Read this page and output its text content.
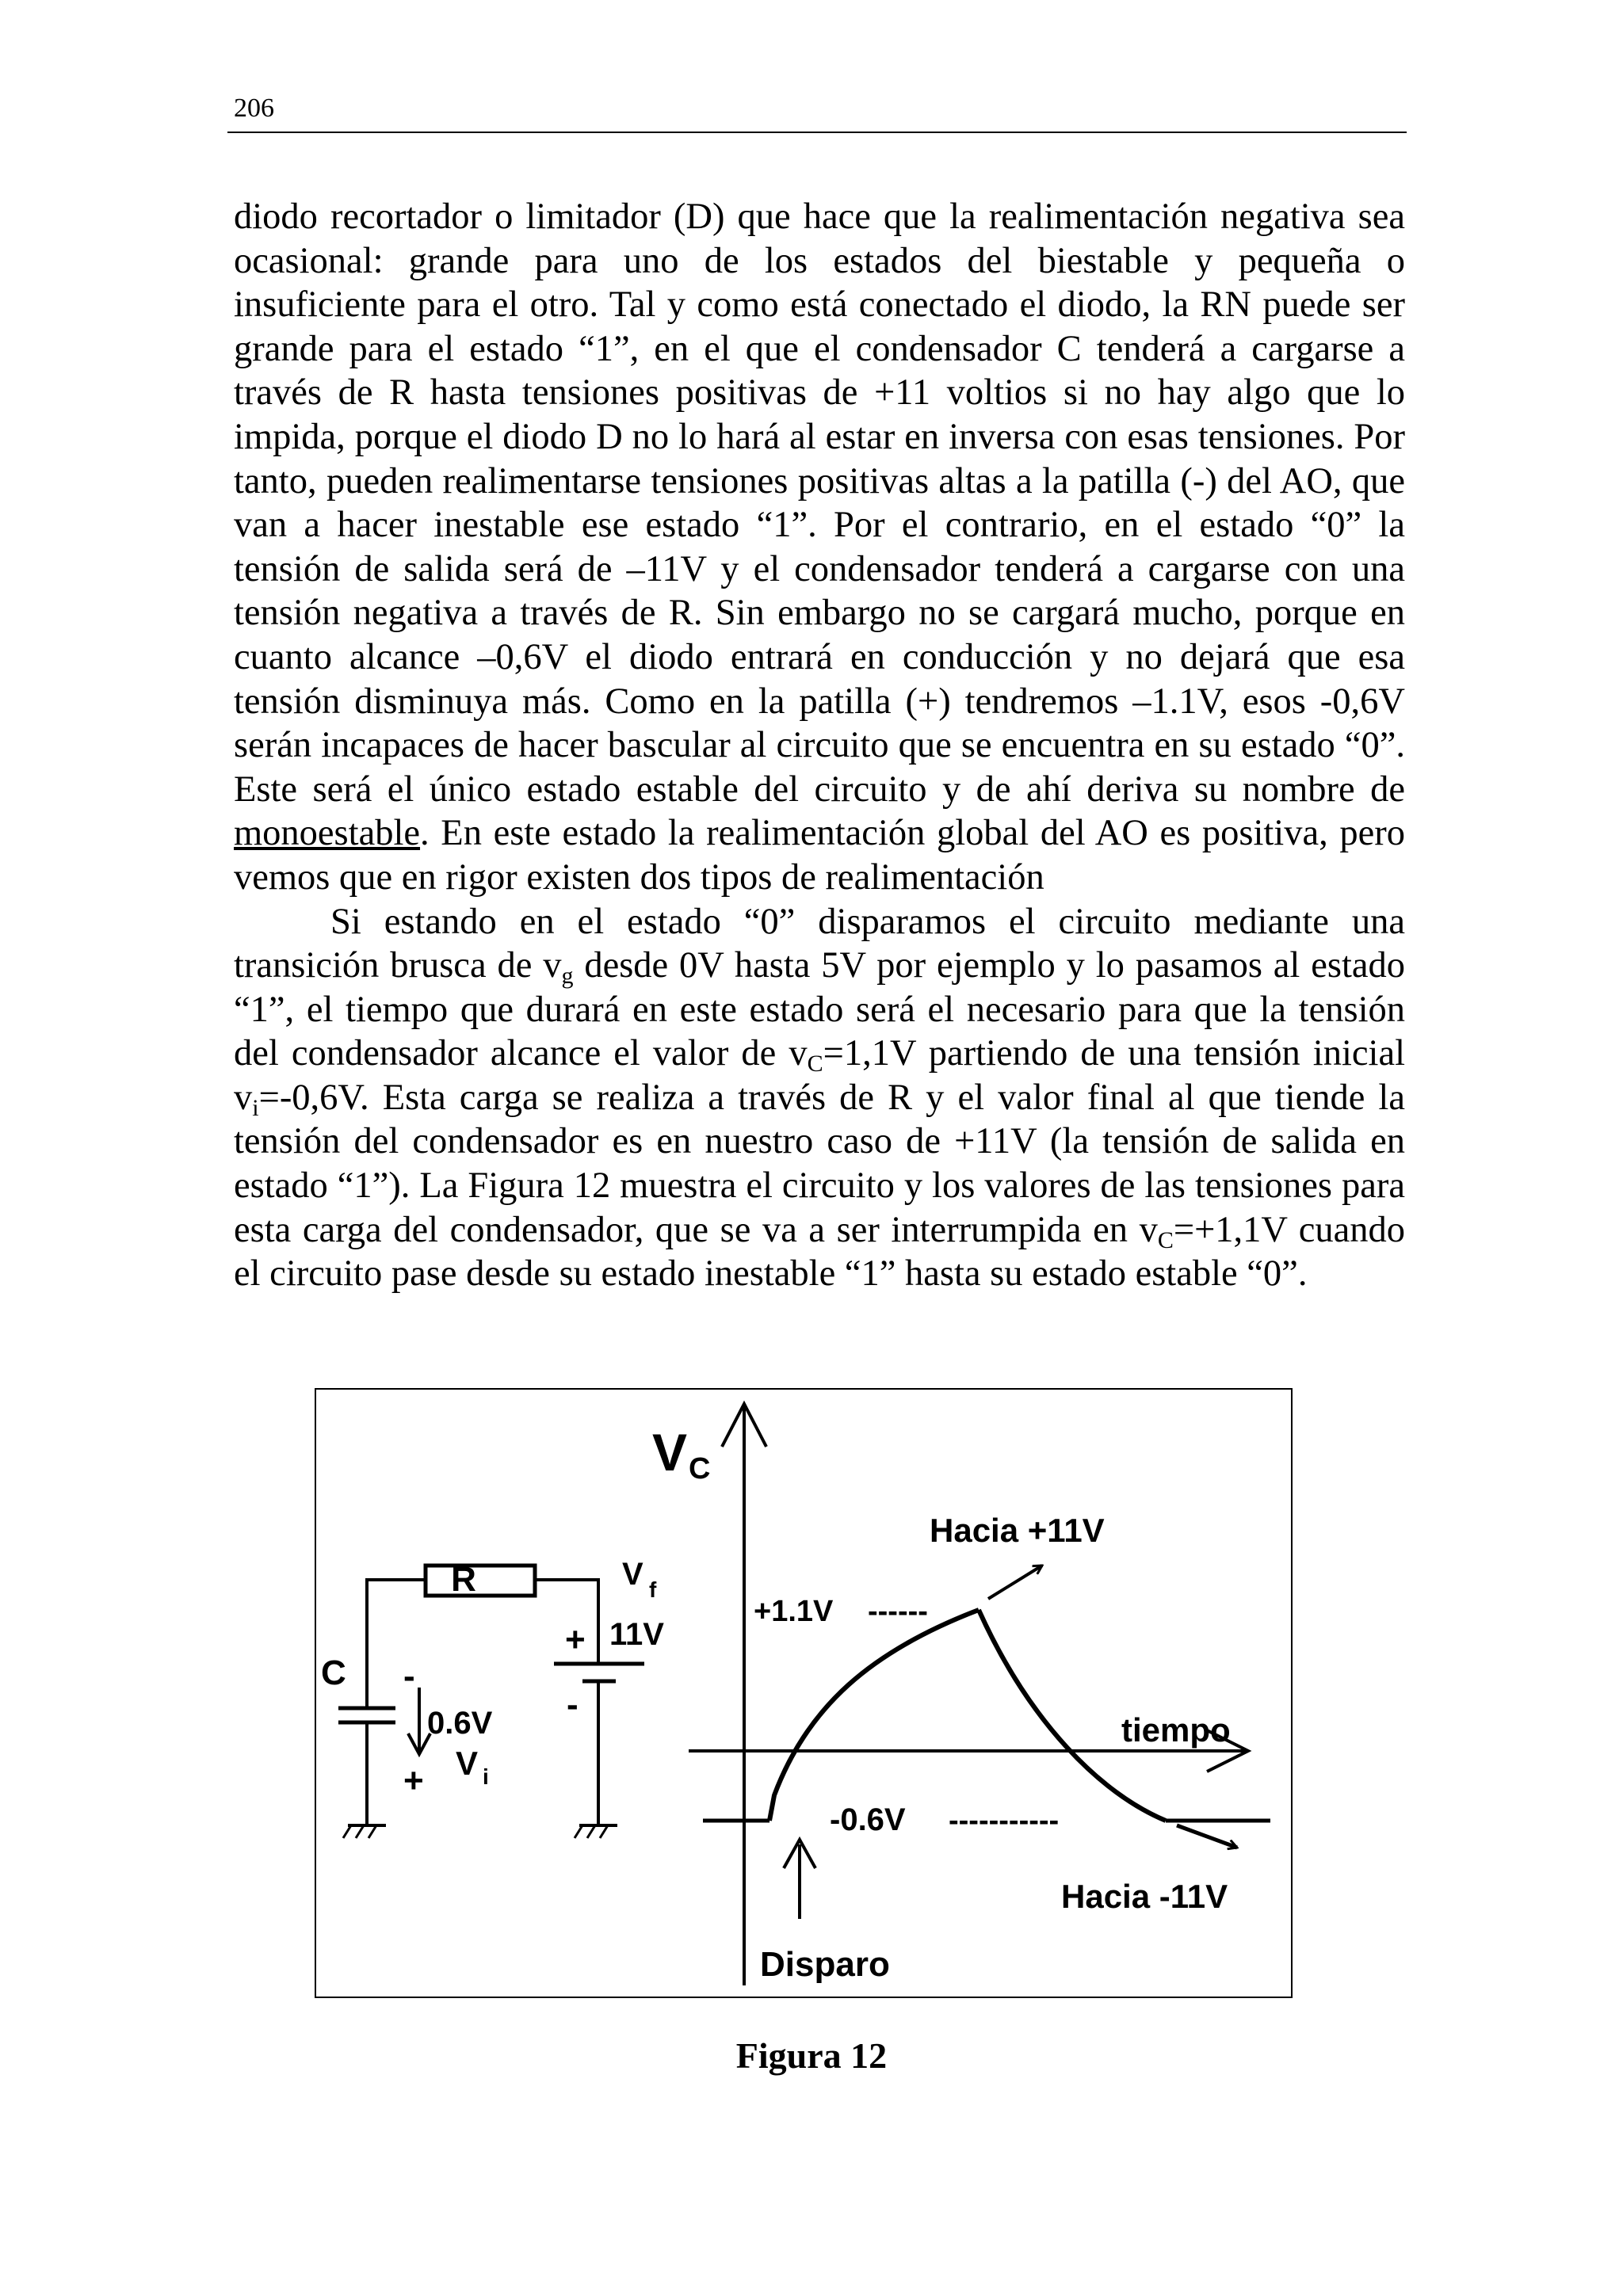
206

diodo recortador o limitador (D) que hace que la realimentación negativa sea ocasional: grande para uno de los estados del biestable y pequeña o insuficiente para el otro. Tal y como está conectado el diodo, la RN puede ser grande para el estado “1”, en el que el condensador C tenderá a cargarse a través de R hasta tensiones positivas de +11 voltios si no hay algo que lo impida, porque el diodo D no lo hará al estar en inversa con esas tensiones. Por tanto, pueden realimentarse tensiones positivas altas a la patilla (-) del AO, que van a hacer inestable ese estado “1”. Por el contrario, en el estado “0” la tensión de salida será de –11V y el condensador tenderá a cargarse con una tensión negativa a través de R. Sin embargo no se cargará mucho, porque en cuanto alcance –0,6V el diodo entrará en conducción y no dejará que esa tensión disminuya más. Como en la patilla (+) tendremos –1.1V, esos -0,6V serán incapaces de hacer bascular al circuito que se encuentra en su estado “0”. Este será el único estado estable del circuito y de ahí deriva su nombre de monoestable. En este estado la realimentación global del AO es positiva, pero vemos que en rigor existen dos tipos de realimentación

Si estando en el estado “0” disparamos el circuito mediante una transición brusca de $v_g$ desde 0V hasta 5V por ejemplo y lo pasamos al estado “1”, el tiempo que durará en este estado será el necesario para que la tensión del condensador alcance el valor de $v_C=1,1V$ partiendo de una tensión inicial $v_i=-0,6V$. Esta carga se realiza a través de R y el valor final al que tiende la tensión del condensador es en nuestro caso de +11V (la tensión de salida en estado “1”). La Figura 12 muestra el circuito y los valores de las tensiones para esta carga del condensador, que se va a ser interrumpida en $v_C=+1,1V$ cuando el circuito pase desde su estado inestable “1” hasta su estado estable “0”.

R
C -
+
0.6V
V i
V f
11V
+
-
V C
tiempo
+1.1V ------
-0.6V -----------
Hacia +11V
Hacia -11V
Disparo
Figura 12
